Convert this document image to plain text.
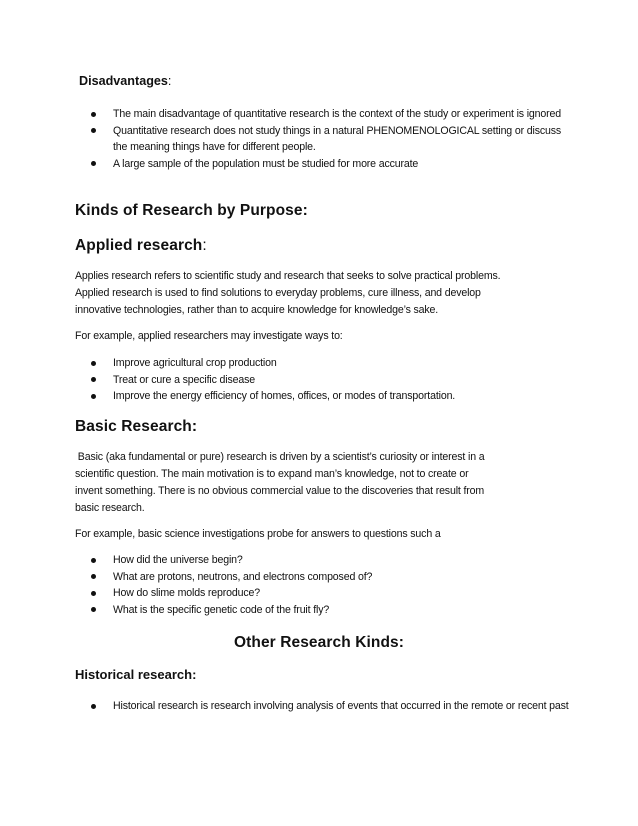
Disadvantages:
The main disadvantage of quantitative research is the context of the study or experiment is ignored
Quantitative research does not study things in a natural PHENOMENOLOGICAL setting or discuss the meaning things have for different people.
A large sample of the population must be studied for more accurate
Kinds of Research by Purpose:
Applied research:

Applies research refers to scientific study and research that seeks to solve practical problems.

Applied research is used to find solutions to everyday problems, cure illness, and develop

innovative technologies, rather than to acquire knowledge for knowledge’s sake.

For example, applied researchers may investigate ways to:
Improve agricultural crop production
Treat or cure a specific disease
Improve the energy efficiency of homes, offices, or modes of transportation.
Basic Research:

Basic (aka fundamental or pure) research is driven by a scientist’s curiosity or interest in a

scientific question. The main motivation is to expand man’s knowledge, not to create or

invent something. There is no obvious commercial value to the discoveries that result from

basic research.

For example, basic science investigations probe for answers to questions such a
How did the universe begin?
What are protons, neutrons, and electrons composed of?
How do slime molds reproduce?
What is the specific genetic code of the fruit fly?
Other Research Kinds:
Historical research:
Historical research is research involving analysis of events that occurred in the remote or recent past
